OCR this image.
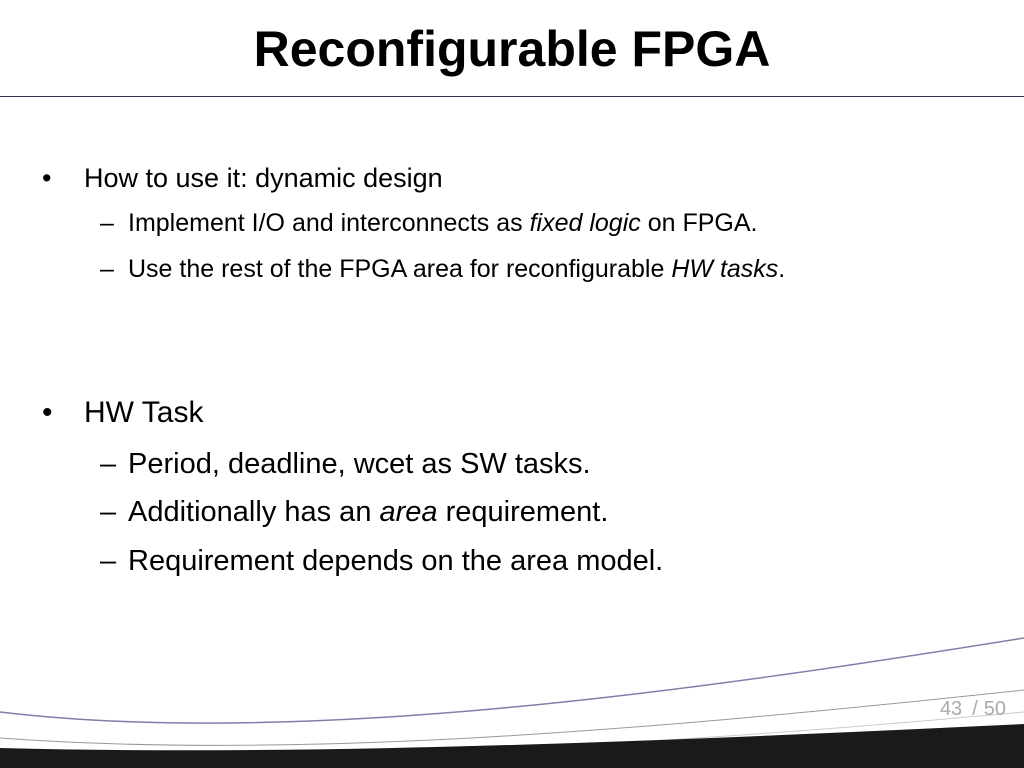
Reconfigurable FPGA
• How to use it: dynamic design
– Implement I/O and interconnects as fixed logic on FPGA.
– Use the rest of the FPGA area for reconfigurable HW tasks.
• HW Task
– Period, deadline, wcet as SW tasks.
– Additionally has an area requirement.
– Requirement depends on the area model.
43 / 50
